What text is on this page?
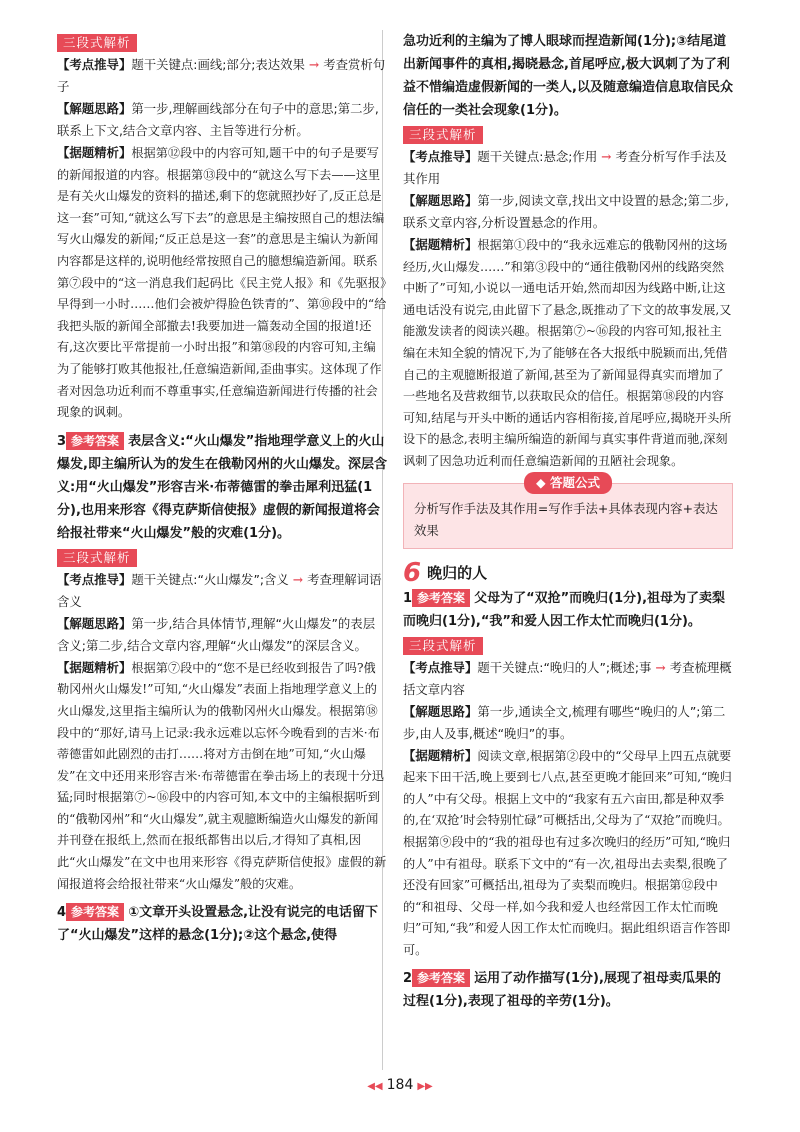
三段式解析

【考点推导】题干关键点:画线;部分;表达效果 → 考查赏析句子

【解题思路】第一步,理解画线部分在句子中的意思;第二步,联系上下文,结合文章内容、主旨等进行分析。

【据题精析】根据第⑫段中的内容可知,题干中的句子是要写的新闻报道的内容。根据第⑬段中的“就这么写下去——这里是有关火山爆发的资料的描述,剩下的您就照抄好了,反正总是这一套”可知,“就这么写下去”的意思是主编按照自己的想法编写火山爆发的新闻;“反正总是这一套”的意思是主编认为新闻内容都是这样的,说明他经常按照自己的臆想编造新闻。联系第⑦段中的“这一消息我们起码比《民主党人报》和《先驱报》早得到一小时……他们会被炉得脸色铁青的”、第⑩段中的“给我把头版的新闻全部撤去!我要加进一篇轰动全国的报道!还有,这次要比平常提前一小时出报”和第⑱段的内容可知,主编为了能够打败其他报社,任意编造新闻,歪曲事实。这体现了作者对因急功近利而不尊重事实,任意编造新闻进行传播的社会现象的讽刺。

3 参考答案 表层含义:“火山爆发”指地理学意义上的火山爆发,即主编所认为的发生在俄勒冈州的火山爆发。深层含义:用“火山爆发”形容吉米·布蒂德雷的拳击犀利迅猛(1分),也用来形容《得克萨斯信使报》虚假的新闻报道将会给报社带来“火山爆发”般的灾难(1分)。

三段式解析

【考点推导】题干关键点:“火山爆发”;含义 → 考查理解词语含义

【解题思路】第一步,结合具体情节,理解“火山爆发”的表层含义;第二步,结合文章内容,理解“火山爆发”的深层含义。

【据题精析】根据第⑦段中的“您不是已经收到报告了吗?俄勒冈州火山爆发!”可知,“火山爆发”表面上指地理学意义上的火山爆发,这里指主编所认为的俄勒冈州火山爆发。根据第⑱段中的“那好,请马上记录:我永远难以忘怀今晚看到的吉米·布蒂德雷如此剧烈的击打……将对方击倒在地”可知,“火山爆发”在文中还用来形容吉米·布蒂德雷在拳击场上的表现十分迅猛;同时根据第⑦~⑯段中的内容可知,本文中的主编根据听到的“俄勒冈州”和“火山爆发”,就主观臆断编造火山爆发的新闻并刊登在报纸上,然而在报纸都售出以后,才得知了真相,因此“火山爆发”在文中也用来形容《得克萨斯信使报》虚假的新闻报道将会给报社带来“火山爆发”般的灾难。

4 参考答案 ①文章开头设置悬念,让没有说完的电话留下了“火山爆发”这样的悬念(1分);②这个悬念,使得

急功近利的主编为了博人眼球而捏造新闻(1分);③结尾道出新闻事件的真相,揭晓悬念,首尾呼应,极大讽刺了为了利益不惜编造虚假新闻的一类人,以及随意编造信息取信民众信任的一类社会现象(1分)。

三段式解析

【考点推导】题干关键点:悬念;作用 → 考查分析写作手法及其作用

【解题思路】第一步,阅读文章,找出文中设置的悬念;第二步,联系文章内容,分析设置悬念的作用。

【据题精析】根据第①段中的“我永远难忘的俄勒冈州的这场经历,火山爆发……”和第③段中的“通往俄勒冈州的线路突然中断了”可知,小说以一通电话开始,然而却因为线路中断,让这通电话没有说完,由此留下了悬念,既推动了下文的故事发展,又能激发读者的阅读兴趣。根据第⑦~⑯段的内容可知,报社主编在未知全貌的情况下,为了能够在各大报纸中脱颖而出,凭借自己的主观臆断报道了新闻,甚至为了新闻显得真实而增加了一些地名及营救细节,以获取民众的信任。根据第⑱段的内容可知,结尾与开头中断的通话内容相衔接,首尾呼应,揭晓开头所设下的悬念,表明主编所编造的新闻与真实事件背道而驰,深刻讽刺了因急功近利而任意编造新闻的丑陋社会现象。

◆ 答题公式
分析写作手法及其作用=写作手法+具体表现内容+表达效果
6 晚归的人

1 参考答案 父母为了“双抢”而晚归(1分),祖母为了卖梨而晚归(1分),“我”和爱人因工作太忙而晚归(1分)。

三段式解析

【考点推导】题干关键点:“晚归的人”;概述;事 → 考查梳理概括文章内容

【解题思路】第一步,通读全文,梳理有哪些“晚归的人”;第二步,由人及事,概述“晚归”的事。

【据题精析】阅读文章,根据第②段中的“父母早上四五点就要起来下田干活,晚上要到七八点,甚至更晚才能回来”可知,“晚归的人”中有父母。根据上文中的“我家有五六亩田,都是种双季的,在‘双抢’时会特别忙碌”可概括出,父母为了“双抢”而晚归。根据第⑨段中的“我的祖母也有过多次晚归的经历”可知,“晚归的人”中有祖母。联系下文中的“有一次,祖母出去卖梨,很晚了还没有回家”可概括出,祖母为了卖梨而晚归。根据第⑫段中的“和祖母、父母一样,如今我和爱人也经常因工作太忙而晚归”可知,“我”和爱人因工作太忙而晚归。据此组织语言作答即可。

2 参考答案 运用了动作描写(1分),展现了祖母卖瓜果的过程(1分),表现了祖母的辛劳(1分)。

◀◀ 184 ▶▶
